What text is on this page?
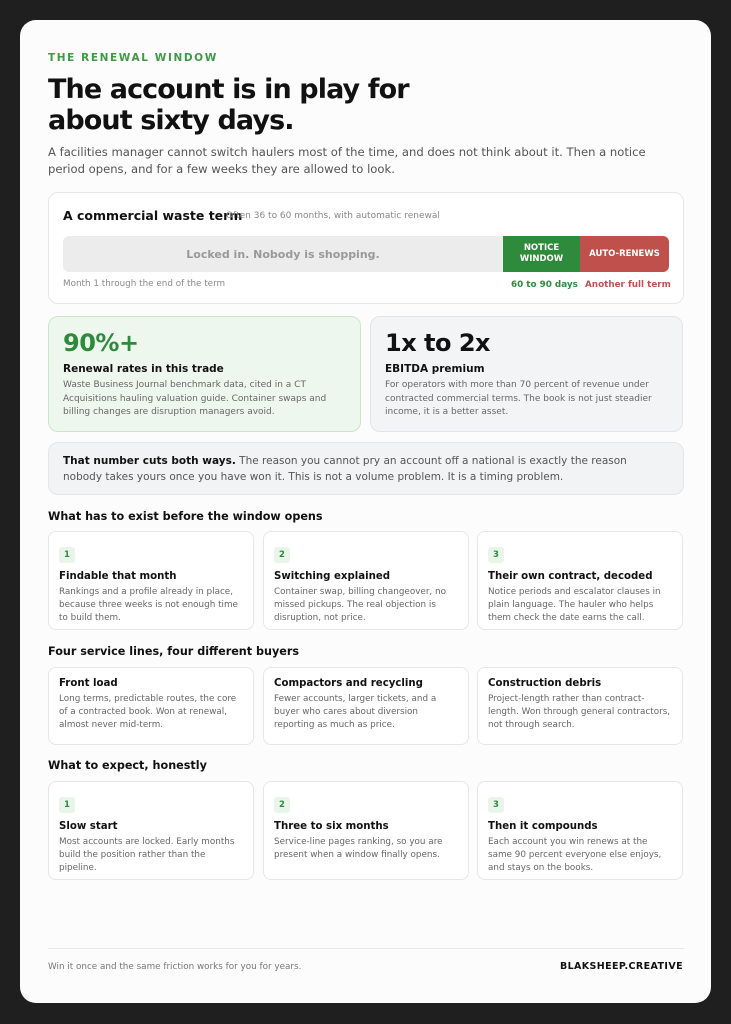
THE RENEWAL WINDOW
The account is in play for about sixty days.
A facilities manager cannot switch haulers most of the time, and does not think about it. Then a notice period opens, and for a few weeks they are allowed to look.
A commercial waste term
Often 36 to 60 months, with automatic renewal
Locked in. Nobody is shopping.	NOTICE WINDOW	AUTO-RENEWS
Month 1 through the end of the term	60 to 90 days Another full term
90%+
Renewal rates in this trade
Waste Business Journal benchmark data, cited in a CT Acquisitions hauling valuation guide. Container swaps and billing changes are disruption managers avoid.
1x to 2x
EBITDA premium
For operators with more than 70 percent of revenue under contracted commercial terms. The book is not just steadier income, it is a better asset.
That number cuts both ways. The reason you cannot pry an account off a national is exactly the reason nobody takes yours once you have won it. This is not a volume problem. It is a timing problem.
What has to exist before the window opens
1
Findable that month
Rankings and a profile already in place, because three weeks is not enough time to build them.
2
Switching explained
Container swap, billing changeover, no missed pickups. The real objection is disruption, not price.
3
Their own contract, decoded
Notice periods and escalator clauses in plain language. The hauler who helps them check the date earns the call.
Four service lines, four different buyers
Front load
Long terms, predictable routes, the core of a contracted book. Won at renewal, almost never mid-term.
Compactors and recycling
Fewer accounts, larger tickets, and a buyer who cares about diversion reporting as much as price.
Construction debris
Project-length rather than contract-length. Won through general contractors, not through search.
What to expect, honestly
1
Slow start
Most accounts are locked. Early months build the position rather than the pipeline.
2
Three to six months
Service-line pages ranking, so you are present when a window finally opens.
3
Then it compounds
Each account you win renews at the same 90 percent everyone else enjoys, and stays on the books.
Win it once and the same friction works for you for years.	BLAKSHEEP.CREATIVE
